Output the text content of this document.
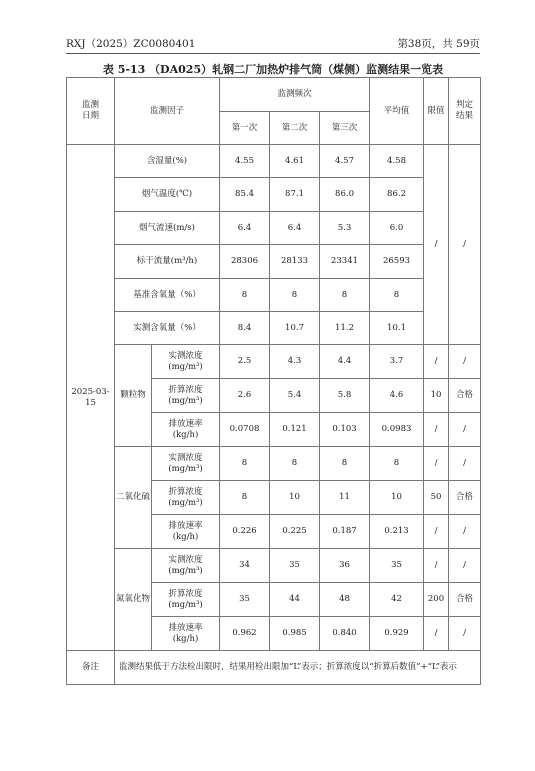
RXJ（2025）ZC0080401	第38页，共 59页
表 5-13 （DA025）轧钢二厂加热炉排气筒（煤侧）监测结果一览表
监测
日期	监测因子		监测频次			平均值	限值	判定
结果
			第一次	第二次	第三次			
2025-03-15	含湿量(%)		4.55	4.61	4.57	4.58	/	/
	烟气温度(℃)		85.4	87.1	86.0	86.2		
	烟气流速(m/s)		6.4	6.4	5.3	6.0		
	标干流量(m³/h)		28306	28133	23341	26593		
	基准含氧量（%）		8	8	8	8		
	实测含氧量（%）		8.4	10.7	11.2	10.1		
	颗粒物	实测浓度
(mg/m³)	2.5	4.3	4.4	3.7	/	/
		折算浓度
(mg/m³)	2.6	5.4	5.8	4.6	10	合格
		排放速率
(kg/h)	0.0708	0.121	0.103	0.0983	/	/
	二氧化硫	实测浓度
(mg/m³)	8	8	8	8	/	/
		折算浓度
(mg/m³)	8	10	11	10	50	合格
		排放速率
(kg/h)	0.226	0.225	0.187	0.213	/	/
	氮氧化物	实测浓度
(mg/m³)	34	35	36	35	/	/
		折算浓度
(mg/m³)	35	44	48	42	200	合格
		排放速率
(kg/h)	0.962	0.985	0.840	0.929	/	/
备注	监测结果低于方法检出限时，结果用检出限加“L”表示；折算浓度以“折算后数值”+“L”表示							
